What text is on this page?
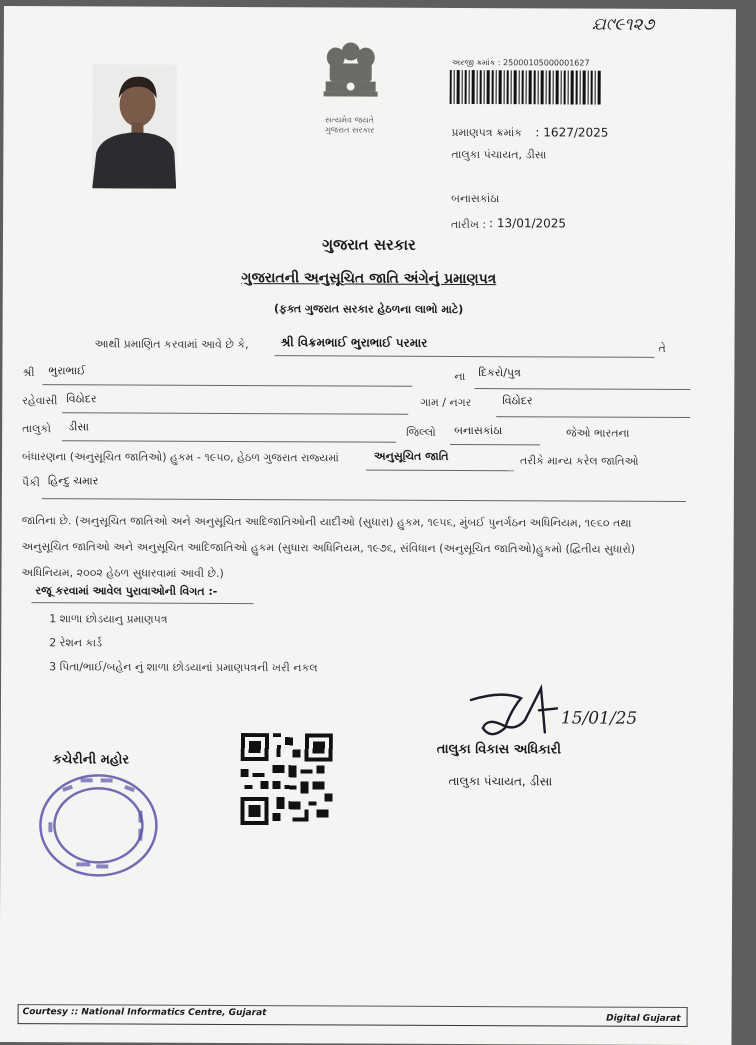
ଯ୯૯૧૨૭
સત્યમેવ જયતે
ગુજરાત સરકાર
અરજી ક્રમાંક : 25000105000001627
પ્રમાણપત્ર ક્રમાંક : 1627/2025
તાલુકા પંચાયત, ડીસા
બનાસકાંઠા
તારીખ : : 13/01/2025
ગુજરાત સરકાર
ગુજરાતની અનુસૂચિત જાતિ અંગેનું પ્રમાણપત્ર
(ફક્ત ગુજરાત સરકાર હેઠળના લાભો માટે)
આથી પ્રમાણિત કરવામાં આવે છે કે,	શ્રી વિક્રમભાઈ ભુરાભાઈ પરમાર	તે
શ્રી ભુરાભાઈ	ના દિકરો/પુત્ર
રહેવાસી વિઠોદર	ગામ / નગર	વિઠોદર
તાલુકો ડીસા	જિલ્લો બનાસકાંઠા	જેઓ ભારતના
બંધારણના (અનુસૂચિત જાતિઓ) હુકમ - ૧૯૫૦, હેઠળ ગુજરાત રાજ્યમાં	અનુસૂચિત જાતિ	તરીકે માન્ય કરેલ જાતિઓ
પૈકી હિન્દુ ચમાર
જાતિના છે. (અનુસૂચિત જાતિઓ અને અનુસૂચિત આદિજાતિઓની યાદીઓ (સુધારા) હુકમ, ૧૯૫૬, મુંબઈ પુનર્ગઠન અધિનિયમ, ૧૯૬૦ તથા
અનુસૂચિત જાતિઓ અને અનુસૂચિત આદિજાતિઓ હુકમ (સુધારા અધિનિયમ, ૧૯૭૬, સંવિધાન (અનુસૂચિત જાતિઓ)હુકમો (દ્વિતીય સુધારો)
અધિનિયમ, ૨૦૦૨ હેઠળ સુધારવામાં આવી છે.)
રજૂ કરવામાં આવેલ પુરાવાઓની વિગત :-
1 શાળા છોડયાનુ પ્રમાણપત્ર
2 રેશન કાર્ડ
3 પિતા/ભાઈ/બહેન નું શાળા છોડયાનાં પ્રમાણપત્રની ખરી નકલ
15/01/25
કચેરીની મહોર
તાલુકા વિકાસ અધિકારી
તાલુકા પંચાયત, ડીસા
Courtesy :: National Informatics Centre, Gujarat
Digital Gujarat
